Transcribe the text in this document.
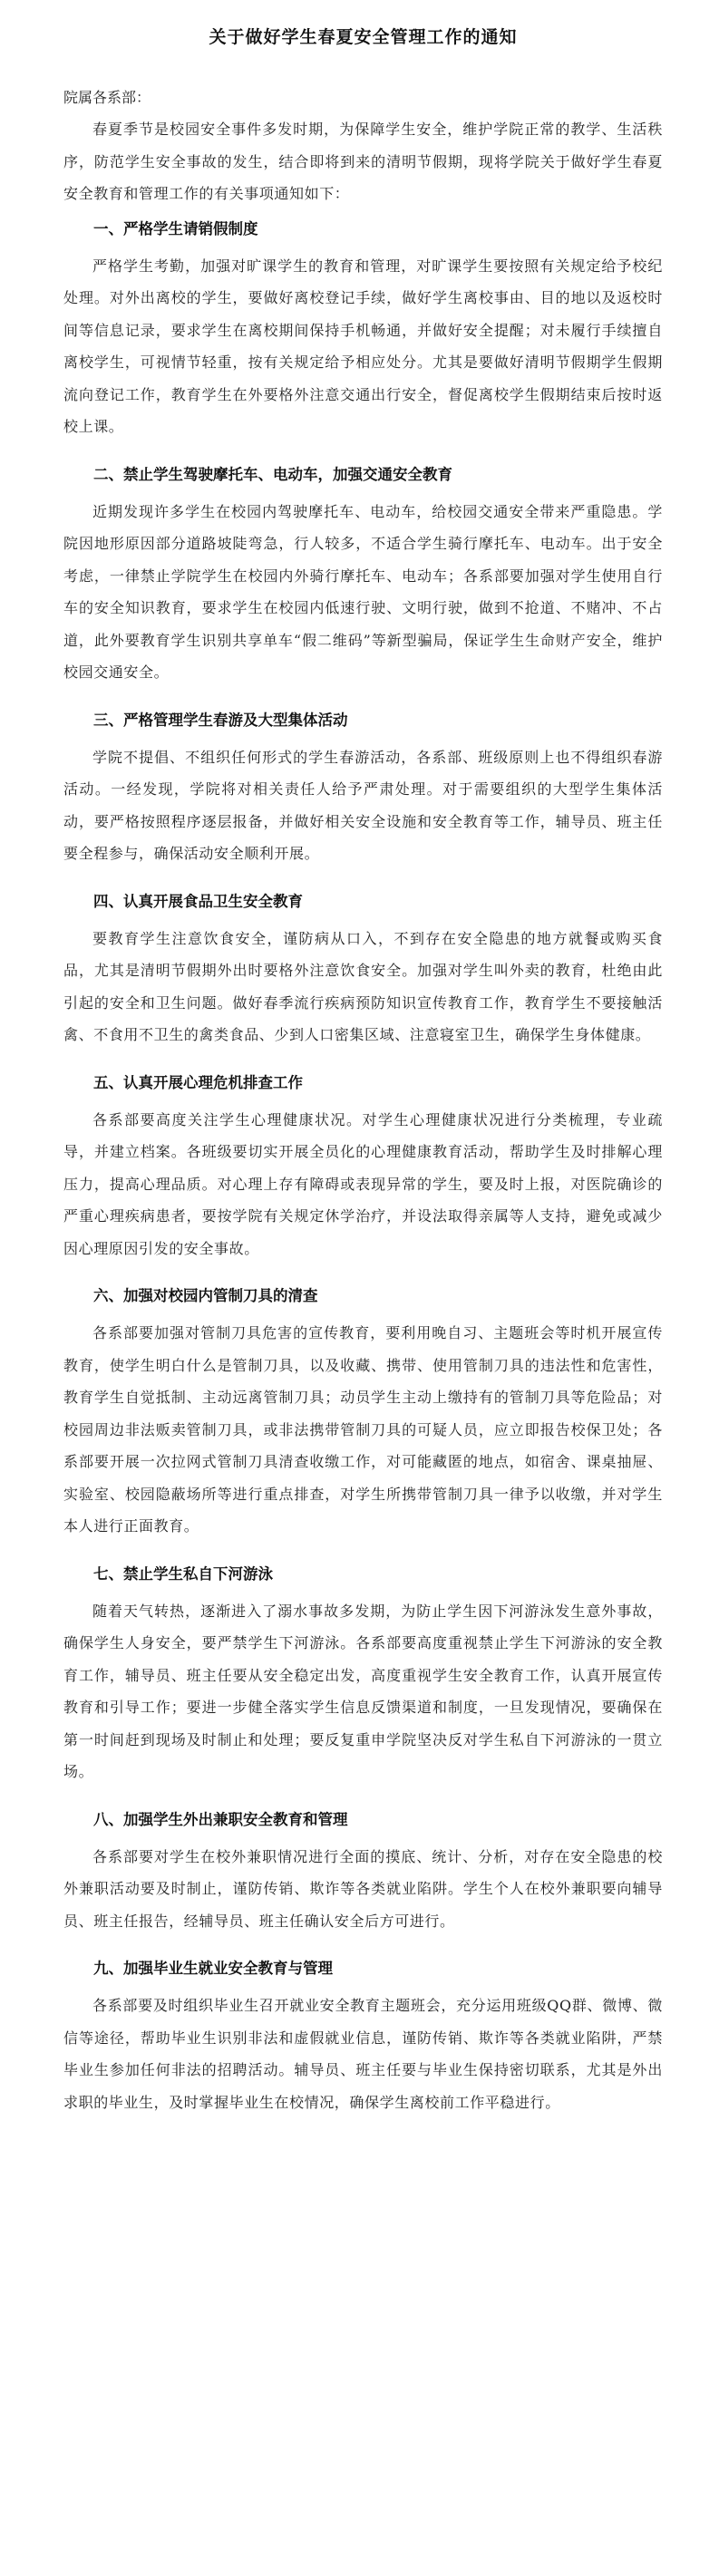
关于做好学生春夏安全管理工作的通知

院属各系部：

春夏季节是校园安全事件多发时期，为保障学生安全，维护学院正常的教学、生活秩序，防范学生安全事故的发生，结合即将到来的清明节假期，现将学院关于做好学生春夏安全教育和管理工作的有关事项通知如下：

一、严格学生请销假制度

严格学生考勤，加强对旷课学生的教育和管理，对旷课学生要按照有关规定给予校纪处理。对外出离校的学生，要做好离校登记手续，做好学生离校事由、目的地以及返校时间等信息记录，要求学生在离校期间保持手机畅通，并做好安全提醒；对未履行手续擅自离校学生，可视情节轻重，按有关规定给予相应处分。尤其是要做好清明节假期学生假期流向登记工作，教育学生在外要格外注意交通出行安全，督促离校学生假期结束后按时返校上课。

二、禁止学生驾驶摩托车、电动车，加强交通安全教育

近期发现许多学生在校园内驾驶摩托车、电动车，给校园交通安全带来严重隐患。学院因地形原因部分道路坡陡弯急，行人较多，不适合学生骑行摩托车、电动车。出于安全考虑，一律禁止学院学生在校园内外骑行摩托车、电动车；各系部要加强对学生使用自行车的安全知识教育，要求学生在校园内低速行驶、文明行驶，做到不抢道、不赌冲、不占道，此外要教育学生识别共享单车“假二维码”等新型骗局，保证学生生命财产安全，维护校园交通安全。

三、严格管理学生春游及大型集体活动

学院不提倡、不组织任何形式的学生春游活动，各系部、班级原则上也不得组织春游活动。一经发现，学院将对相关责任人给予严肃处理。对于需要组织的大型学生集体活动，要严格按照程序逐层报备，并做好相关安全设施和安全教育等工作，辅导员、班主任要全程参与，确保活动安全顺利开展。

四、认真开展食品卫生安全教育

要教育学生注意饮食安全，谨防病从口入，不到存在安全隐患的地方就餐或购买食品，尤其是清明节假期外出时要格外注意饮食安全。加强对学生叫外卖的教育，杜绝由此引起的安全和卫生问题。做好春季流行疾病预防知识宣传教育工作，教育学生不要接触活禽、不食用不卫生的禽类食品、少到人口密集区域、注意寝室卫生，确保学生身体健康。

五、认真开展心理危机排查工作

各系部要高度关注学生心理健康状况。对学生心理健康状况进行分类梳理，专业疏导，并建立档案。各班级要切实开展全员化的心理健康教育活动，帮助学生及时排解心理压力，提高心理品质。对心理上存有障碍或表现异常的学生，要及时上报，对医院确诊的严重心理疾病患者，要按学院有关规定休学治疗，并设法取得亲属等人支持，避免或减少因心理原因引发的安全事故。

六、加强对校园内管制刀具的清查

各系部要加强对管制刀具危害的宣传教育，要利用晚自习、主题班会等时机开展宣传教育，使学生明白什么是管制刀具，以及收藏、携带、使用管制刀具的违法性和危害性，教育学生自觉抵制、主动远离管制刀具；动员学生主动上缴持有的管制刀具等危险品；对校园周边非法贩卖管制刀具，或非法携带管制刀具的可疑人员，应立即报告校保卫处；各系部要开展一次拉网式管制刀具清查收缴工作，对可能藏匿的地点，如宿舍、课桌抽屉、实验室、校园隐蔽场所等进行重点排查，对学生所携带管制刀具一律予以收缴，并对学生本人进行正面教育。

七、禁止学生私自下河游泳

随着天气转热，逐渐进入了溺水事故多发期，为防止学生因下河游泳发生意外事故，确保学生人身安全，要严禁学生下河游泳。各系部要高度重视禁止学生下河游泳的安全教育工作，辅导员、班主任要从安全稳定出发，高度重视学生安全教育工作，认真开展宣传教育和引导工作；要进一步健全落实学生信息反馈渠道和制度，一旦发现情况，要确保在第一时间赶到现场及时制止和处理；要反复重申学院坚决反对学生私自下河游泳的一贯立场。

八、加强学生外出兼职安全教育和管理

各系部要对学生在校外兼职情况进行全面的摸底、统计、分析，对存在安全隐患的校外兼职活动要及时制止，谨防传销、欺诈等各类就业陷阱。学生个人在校外兼职要向辅导员、班主任报告，经辅导员、班主任确认安全后方可进行。

九、加强毕业生就业安全教育与管理

各系部要及时组织毕业生召开就业安全教育主题班会，充分运用班级QQ群、微博、微信等途径，帮助毕业生识别非法和虚假就业信息，谨防传销、欺诈等各类就业陷阱，严禁毕业生参加任何非法的招聘活动。辅导员、班主任要与毕业生保持密切联系，尤其是外出求职的毕业生，及时掌握毕业生在校情况，确保学生离校前工作平稳进行。
